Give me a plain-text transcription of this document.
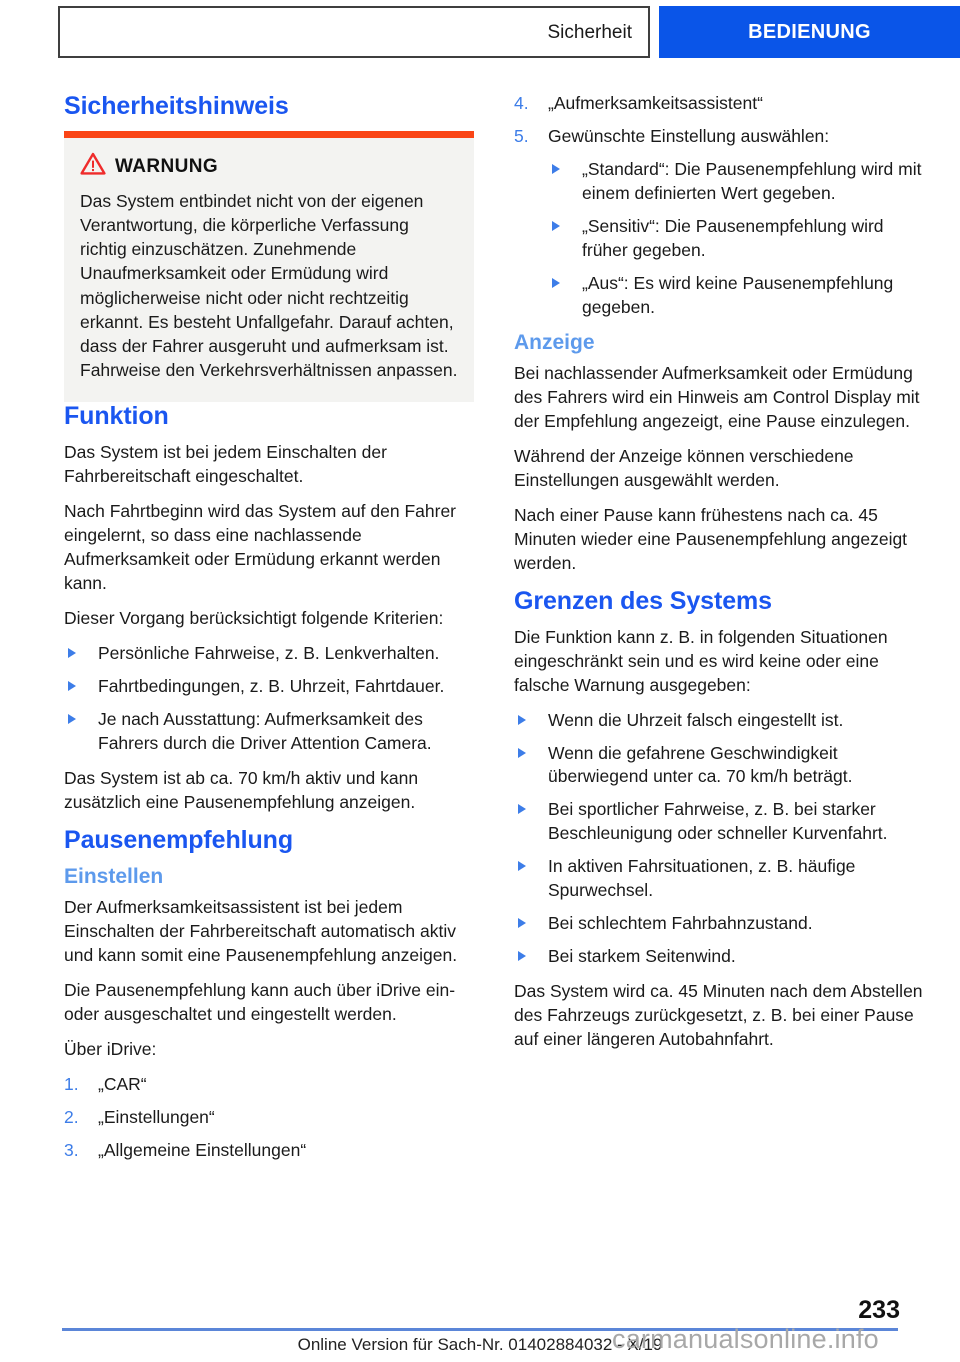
Sicherheit	BEDIENUNG
Sicherheitshinweis
WARNUNG

Das System entbindet nicht von der eigenen Verantwortung, die körperliche Verfassung richtig einzuschätzen. Zunehmende Unaufmerksamkeit oder Ermüdung wird möglicherweise nicht oder nicht rechtzeitig erkannt. Es besteht Unfallgefahr. Darauf achten, dass der Fahrer ausgeruht und aufmerksam ist. Fahrweise den Verkehrsverhältnissen anpassen.

Funktion

Das System ist bei jedem Einschalten der Fahrbereitschaft eingeschaltet.

Nach Fahrtbeginn wird das System auf den Fahrer eingelernt, so dass eine nachlassende Aufmerksamkeit oder Ermüdung erkannt werden kann.

Dieser Vorgang berücksichtigt folgende Kriterien:

Persönliche Fahrweise, z. B. Lenkverhalten.
Fahrtbedingungen, z. B. Uhrzeit, Fahrtdauer.
Je nach Ausstattung: Aufmerksamkeit des Fahrers durch die Driver Attention Camera.

Das System ist ab ca. 70 km/h aktiv und kann zusätzlich eine Pausenempfehlung anzeigen.

Pausenempfehlung
Einstellen

Der Aufmerksamkeitsassistent ist bei jedem Einschalten der Fahrbereitschaft automatisch aktiv und kann somit eine Pausenempfehlung anzeigen.

Die Pausenempfehlung kann auch über iDrive ein- oder ausgeschaltet und eingestellt werden.

Über iDrive:

1.	„CAR“
2.	„Einstellungen“
3.	„Allgemeine Einstellungen“
4.	„Aufmerksamkeitsassistent“
5.	Gewünschte Einstellung auswählen:
„Standard“: Die Pausenempfehlung wird mit einem definierten Wert gegeben.
„Sensitiv“: Die Pausenempfehlung wird früher gegeben.
„Aus“: Es wird keine Pausenempfehlung gegeben.
Anzeige

Bei nachlassender Aufmerksamkeit oder Ermüdung des Fahrers wird ein Hinweis am Control Display mit der Empfehlung angezeigt, eine Pause einzulegen.

Während der Anzeige können verschiedene Einstellungen ausgewählt werden.

Nach einer Pause kann frühestens nach ca. 45 Minuten wieder eine Pausenempfehlung angezeigt werden.

Grenzen des Systems

Die Funktion kann z. B. in folgenden Situationen eingeschränkt sein und es wird keine oder eine falsche Warnung ausgegeben:

Wenn die Uhrzeit falsch eingestellt ist.
Wenn die gefahrene Geschwindigkeit überwiegend unter ca. 70 km/h beträgt.
Bei sportlicher Fahrweise, z. B. bei starker Beschleunigung oder schneller Kurvenfahrt.
In aktiven Fahrsituationen, z. B. häufige Spurwechsel.
Bei schlechtem Fahrbahnzustand.
Bei starkem Seitenwind.

Das System wird ca. 45 Minuten nach dem Abstellen des Fahrzeugs zurückgesetzt, z. B. bei einer Pause auf einer längeren Autobahnfahrt.

233
Online Version für Sach-Nr. 01402884032 - X/19
carmanualsonline.info
